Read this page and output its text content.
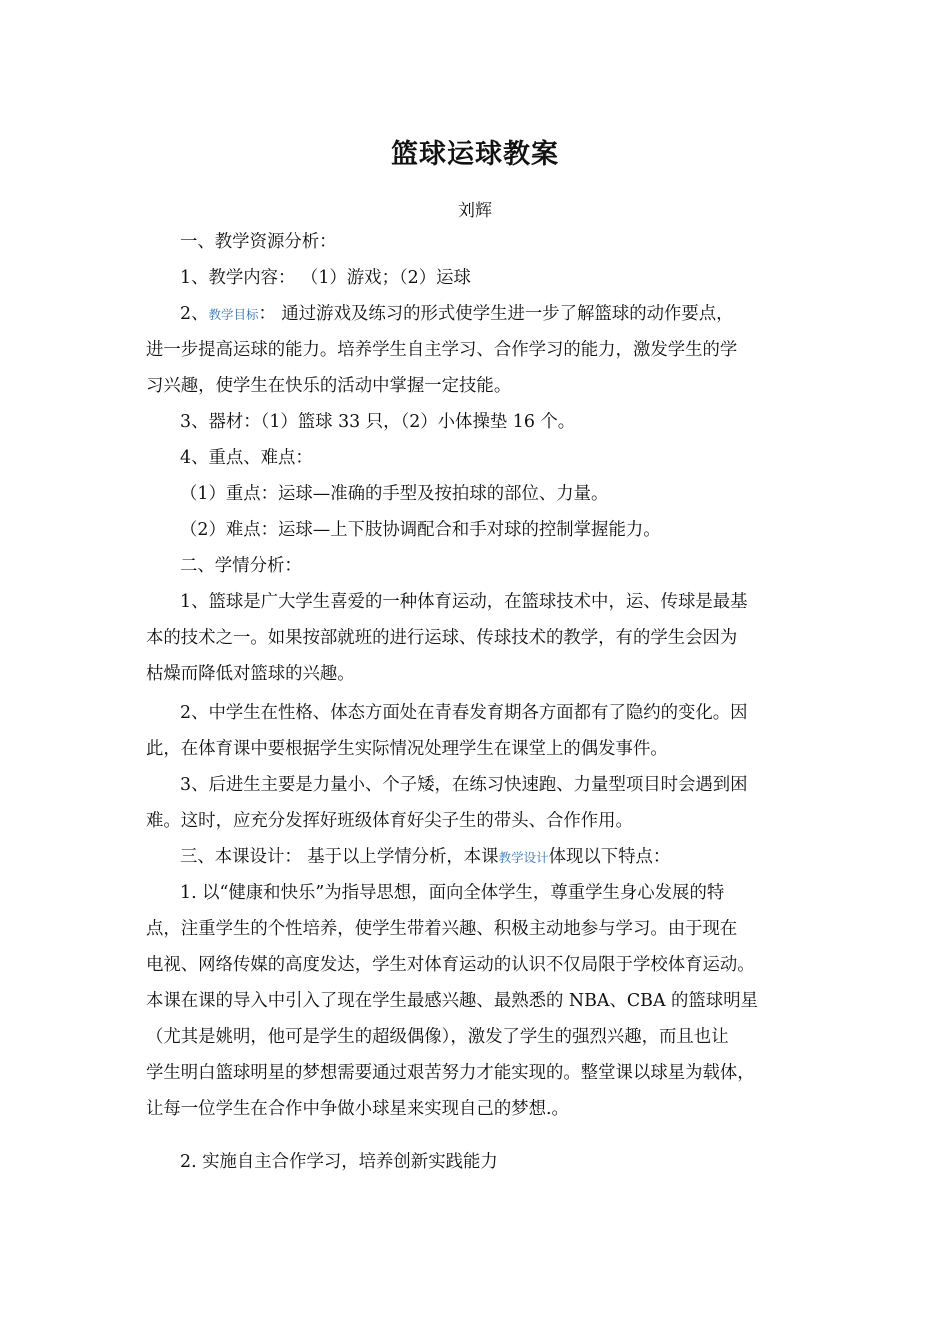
篮球运球教案
刘辉
一、教学资源分析：
1、教学内容： （1）游戏；（2）运球
2、教学目标： 通过游戏及练习的形式使学生进一步了解篮球的动作要点，
进一步提高运球的能力。培养学生自主学习、合作学习的能力，激发学生的学
习兴趣，使学生在快乐的活动中掌握一定技能。
3、器材：（1）篮球 33 只，（2）小体操垫 16 个。
4、重点、难点：
（1）重点：运球—准确的手型及按拍球的部位、力量。
（2）难点：运球—上下肢协调配合和手对球的控制掌握能力。
二、学情分析：
1、篮球是广大学生喜爱的一种体育运动，在篮球技术中，运、传球是最基
本的技术之一。如果按部就班的进行运球、传球技术的教学，有的学生会因为
枯燥而降低对篮球的兴趣。
2、中学生在性格、体态方面处在青春发育期各方面都有了隐约的变化。因
此，在体育课中要根据学生实际情况处理学生在课堂上的偶发事件。
3、后进生主要是力量小、个子矮，在练习快速跑、力量型项目时会遇到困
难。这时，应充分发挥好班级体育好尖子生的带头、合作作用。
三、本课设计： 基于以上学情分析，本课教学设计体现以下特点：
1. 以“健康和快乐”为指导思想，面向全体学生，尊重学生身心发展的特
点，注重学生的个性培养，使学生带着兴趣、积极主动地参与学习。由于现在
电视、网络传媒的高度发达，学生对体育运动的认识不仅局限于学校体育运动。
本课在课的导入中引入了现在学生最感兴趣、最熟悉的 NBA、CBA 的篮球明星
（尤其是姚明，他可是学生的超级偶像），激发了学生的强烈兴趣，而且也让
学生明白篮球明星的梦想需要通过艰苦努力才能实现的。整堂课以球星为载体，
让每一位学生在合作中争做小球星来实现自己的梦想.。
2. 实施自主合作学习，培养创新实践能力
